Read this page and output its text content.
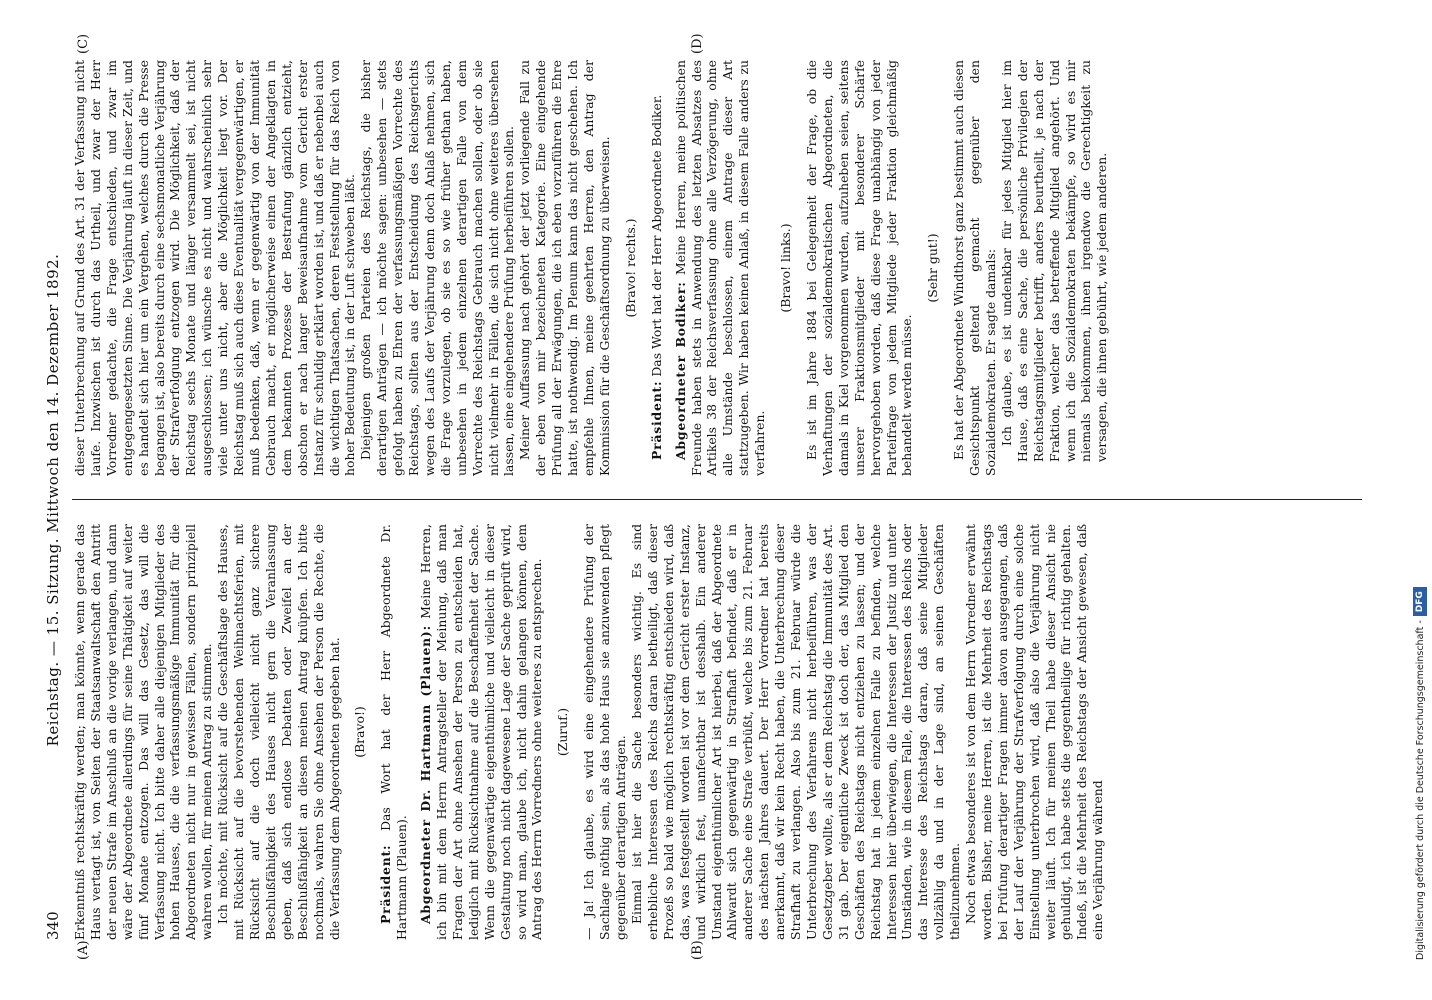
340
Reichstag. — 15. Sitzung. Mittwoch den 14. Dezember 1892.
(A)	(B)
(C)	(D)

Erkenntniß rechtskräftig werden; man könnte, wenn gerade das Haus vertagt ist, von Seiten der Staatsanwaltschaft den Antritt der neuen Strafe im Anschluß an die vorige verlangen, und dann wäre der Abgeordnete allerdings für seine Thätigkeit auf weiter fünf Monate entzogen. Das will das Gesetz, das will die Verfassung nicht. Ich bitte daher alle diejenigen Mitglieder des hohen Hauses, die die verfassungsmäßige Immunität für die Abgeordneten nicht nur in gewissen Fällen, sondern prinzipiell wahren wollen, für meinen Antrag zu stimmen. Ich möchte, mit Rücksicht auf die Geschäftslage des Hauses, mit Rücksicht auf die bevorstehenden Weihnachtsferien, mit Rücksicht auf die doch vielleicht nicht ganz sichere Beschlußfähigkeit des Hauses nicht gern die Veranlassung geben, daß sich endlose Debatten oder Zweifel an der Beschlußfähigkeit an diesen meinen Antrag knüpfen. Ich bitte nochmals, wahren Sie ohne Ansehen der Person die Rechte, die die Verfassung dem Abgeordneten gegeben hat. (Bravo!)

Präsident: Das Wort hat der Herr Abgeordnete Dr. Hartmann (Plauen). Abgeordneter Dr. Hartmann (Plauen): Meine Herren, ich bin mit dem Herrn Antragsteller der Meinung, daß man Fragen der Art ohne Ansehen der Person zu entscheiden hat, lediglich mit Rücksichtnahme auf die Beschaffenheit der Sache. Wenn die gegenwärtige eigenthümliche und vielleicht in dieser Gestaltung noch nicht dagewesene Lage der Sache geprüft wird, so wird man, glaube ich, nicht dahin gelangen können, dem Antrag des Herrn Vorredners ohne weiteres zu entsprechen. (Zuruf.) — Ja! Ich glaube, es wird eine eingehendere Prüfung der Sachlage nöthig sein, als das hohe Haus sie anzuwenden pflegt gegenüber derartigen Anträgen. Einmal ist hier die Sache besonders wichtig. Es sind erhebliche Interessen des Reichs daran betheiligt, daß dieser Prozeß so bald wie möglich rechtskräftig entschieden wird, daß das, was festgestellt worden ist vor dem Gericht erster Instanz, und wirklich fest, unanfechtbar ist desshalb. Ein anderer Umstand eigenthümlicher Art ist hierbei, daß der Abgeordnete Ahlwardt sich gegenwärtig in Strafhaft befindet, daß er in anderer Sache eine Strafe verbüßt, welche bis zum 21. Februar des nächsten Jahres dauert. Der Herr Vorredner hat bereits anerkannt, daß wir kein Recht haben, die Unterbrechung dieser Strafhaft zu verlangen. Also bis zum 21. Februar würde die Unterbrechung des Verfahrens nicht herbeiführen, was der Gesetzgeber wollte, als er dem Reichstag die Immunität des Art. 31 gab. Der eigentliche Zweck ist doch der, das Mitglied den Geschäften des Reichstags nicht entziehen zu lassen; und der Reichstag hat in jedem einzelnen Falle zu befinden, welche Interessen hier überwiegen, die Interessen der Justiz und unter Umständen, wie in diesem Falle, die Interessen des Reichs oder das Interesse des Reichstags daran, daß seine Mitglieder vollzählig da und in der Lage sind, an seinen Geschäften theilzunehmen. Noch etwas besonderes ist von dem Herrn Vorredner erwähnt worden. Bisher, meine Herren, ist die Mehrheit des Reichstags bei Prüfung derartiger Fragen immer davon ausgegangen, daß der Lauf der Verjährung der Strafverfolgung durch eine solche Einstellung unterbrochen wird, daß also die Verjährung nicht weiter läuft. Ich für meinen Theil habe dieser Ansicht nie gehuldigt, ich habe stets die gegentheilige für richtig gehalten. Indeß, ist die Mehrheit des Reichstags der Ansicht gewesen, daß eine Verjährung während

dieser Unterbrechung auf Grund des Art. 31 der Verfassung nicht laufe. Inzwischen ist durch das Urtheil, und zwar der Herr Vorredner gedachte, die Frage entschieden, und zwar im entgegengesetzten Sinne. Die Verjährung läuft in dieser Zeit, und es handelt sich hier um ein Vergehen, welches durch die Presse begangen ist, also bereits durch eine sechsmonatliche Verjährung der Strafverfolgung entzogen wird. Die Möglichkeit, daß der Reichstag sechs Monate und länger versammelt sei, ist nicht ausgeschlossen; ich wünsche es nicht und wahrscheinlich sehr viele unter uns nicht, aber die Möglichkeit liegt vor. Der Reichstag muß sich auch diese Eventualität vergegenwärtigen, er muß bedenken, daß, wenn er gegenwärtig von der Immunität Gebrauch macht, er möglicherweise einen der Angeklagten in dem bekannten Prozesse der Bestrafung gänzlich entzieht, obschon er nach langer Beweisaufnahme vom Gericht erster Instanz für schuldig erklärt worden ist, und daß er nebenbei auch die wichtigen Thatsachen, deren Feststellung für das Reich von hoher Bedeutung ist, in der Luft schweben läßt. Diejenigen großen Parteien des Reichstags, die bisher derartigen Anträgen — ich möchte sagen: unbesehen — stets gefolgt haben zu Ehren der verfassungsmäßigen Vorrechte des Reichstags, sollten aus der Entscheidung des Reichsgerichts wegen des Laufs der Verjährung denn doch Anlaß nehmen, sich die Frage vorzulegen, ob sie es so wie früher gethan haben, unbesehen in jedem einzelnen derartigen Falle von dem Vorrechte des Reichstags Gebrauch machen sollen, oder ob sie nicht vielmehr in Fällen, die sich nicht ohne weiteres übersehen lassen, eine eingehendere Prüfung herbeiführen sollen. Meiner Auffassung nach gehört der jetzt vorliegende Fall zu der eben von mir bezeichneten Kategorie. Eine eingehende Prüfung all der Erwägungen, die ich eben vorzuführen die Ehre hatte, ist nothwendig. Im Plenum kann das nicht geschehen. Ich empfehle Ihnen, meine geehrten Herren, den Antrag der Kommission für die Geschäftsordnung zu überweisen. (Bravo! rechts.)

Präsident: Das Wort hat der Herr Abgeordnete Bodiker. Abgeordneter Bodiker: Meine Herren, meine politischen Freunde haben stets in Anwendung des letzten Absatzes des Artikels 38 der Reichsverfassung ohne alle Verzögerung, ohne alle Umstände beschlossen, einem Antrage dieser Art stattzugeben. Wir haben keinen Anlaß, in diesem Falle anders zu verfahren.

(Bravo! links.) Es ist im Jahre 1884 bei Gelegenheit der Frage, ob die Verhaftungen der sozialdemokratischen Abgeordneten, die damals in Kiel vorgenommen wurden, aufzuheben seien, seitens unserer Fraktionsmitglieder mit besonderer Schärfe hervorgehoben worden, daß diese Frage unabhängig von jeder Parteifrage von jedem Mitgliede jeder Fraktion gleichmäßig behandelt werden müsse.

(Sehr gut!) Es hat der Abgeordnete Windthorst ganz bestimmt auch diesen Gesichtspunkt geltend gemacht gegenüber den Sozialdemokraten. Er sagte damals: Ich glaube, es ist undenkbar für jedes Mitglied hier im Hause, daß es eine Sache, die persönliche Privilegien der Reichstagsmitglieder betrifft, anders beurtheilt, je nach der Fraktion, welcher das betreffende Mitglied angehört. Und wenn ich die Sozialdemokraten bekämpfe, so wird es mir niemals beikommen, ihnen irgendwo die Gerechtigkeit zu versagen, die ihnen gebührt, wie jedem anderen.

Digitalisierung gefördert durch die Deutsche Forschungsgemeinschaft -
DFG
